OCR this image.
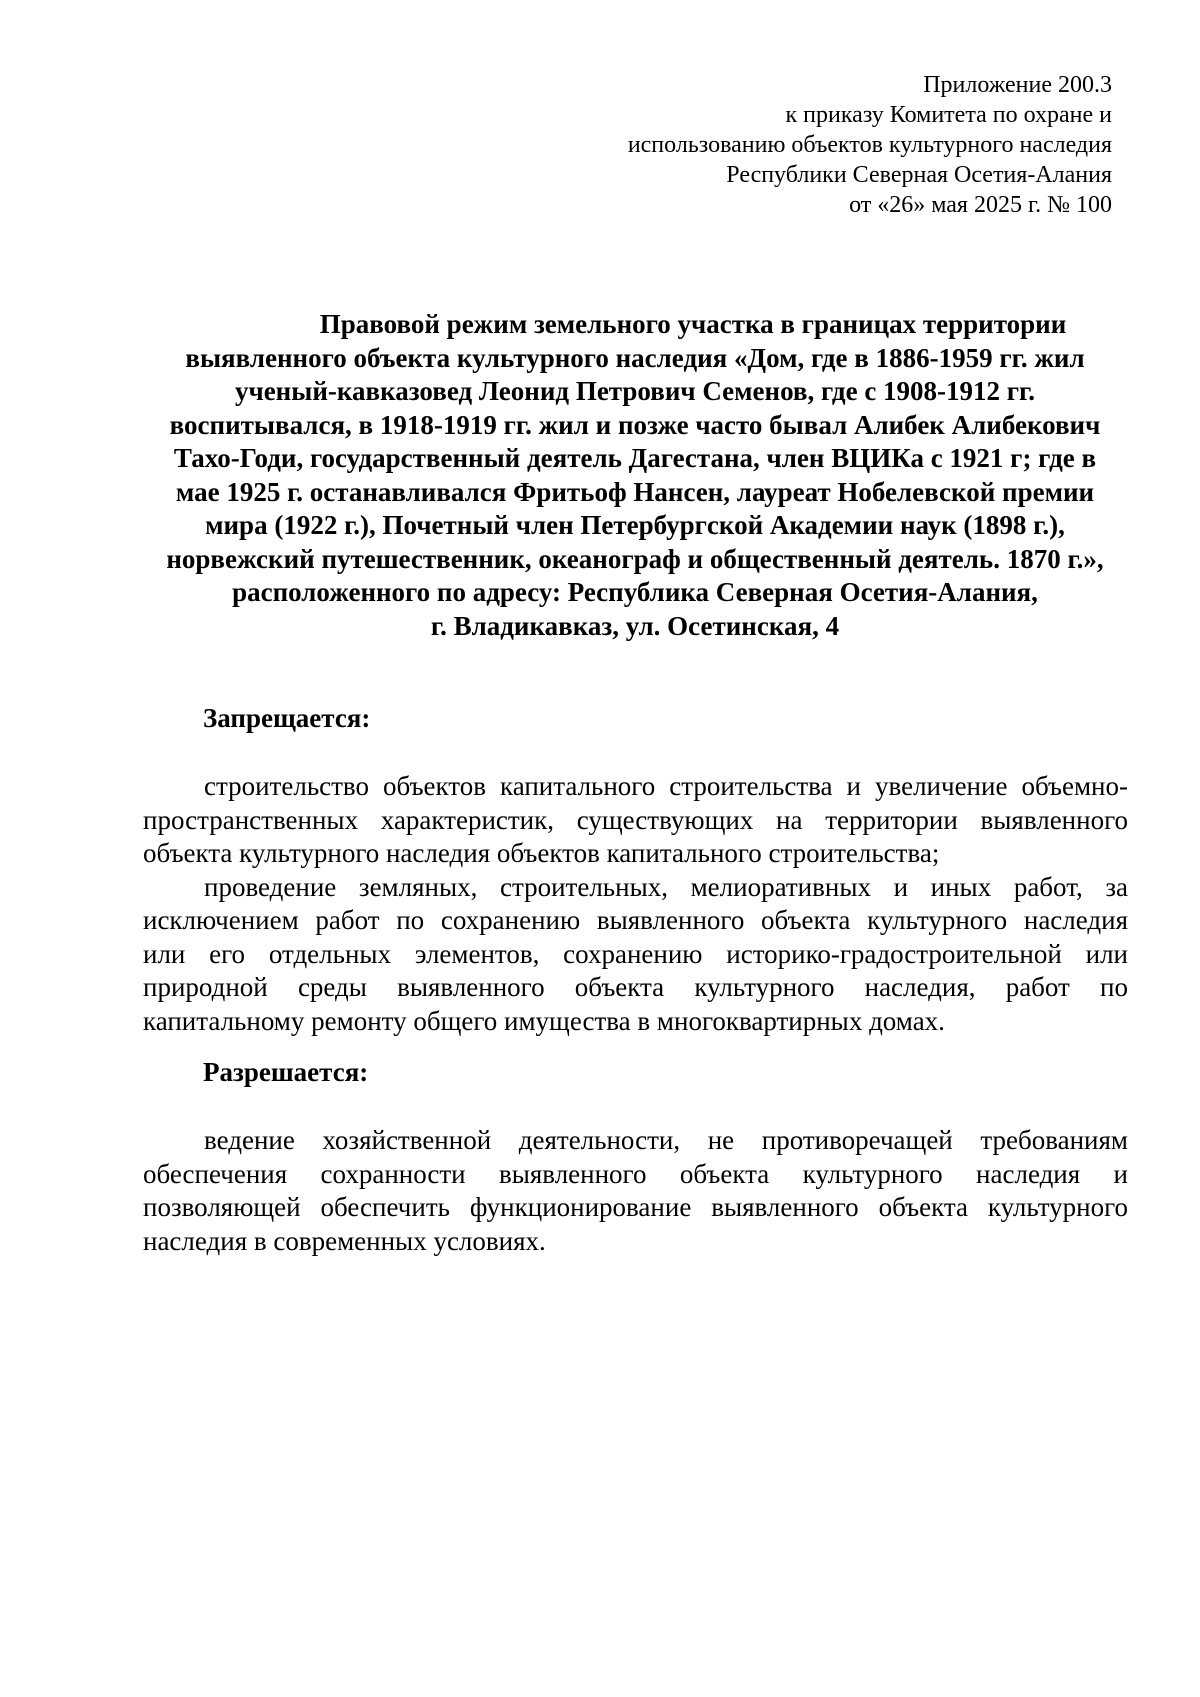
Приложение 200.3
к приказу Комитета по охране и
использованию объектов культурного наследия
Республики Северная Осетия-Алания
от «26» мая 2025 г. № 100
Правовой режим земельного участка в границах территории
выявленного объекта культурного наследия «Дом, где в 1886-1959 гг. жил
ученый-кавказовед Леонид Петрович Семенов, где с 1908-1912 гг.
воспитывался, в 1918-1919 гг. жил и позже часто бывал Алибек Алибекович
Тахо-Годи, государственный деятель Дагестана, член ВЦИКа с 1921 г; где в
мае 1925 г. останавливался Фритьоф Нансен, лауреат Нобелевской премии
мира (1922 г.), Почетный член Петербургской Академии наук (1898 г.),
норвежский путешественник, океанограф и общественный деятель. 1870 г.»,
расположенного по адресу: Республика Северная Осетия-Алания,
г. Владикавказ, ул. Осетинская, 4
Запрещается:
строительство объектов капитального строительства и увеличение объемно-
пространственных характеристик, существующих на территории выявленного
объекта культурного наследия объектов капитального строительства;
проведение земляных, строительных, мелиоративных и иных работ, за
исключением работ по сохранению выявленного объекта культурного наследия
или его отдельных элементов, сохранению историко-градостроительной или
природной среды выявленного объекта культурного наследия, работ по
капитальному ремонту общего имущества в многоквартирных домах.
Разрешается:
ведение хозяйственной деятельности, не противоречащей требованиям
обеспечения сохранности выявленного объекта культурного наследия и
позволяющей обеспечить функционирование выявленного объекта культурного
наследия в современных условиях.
